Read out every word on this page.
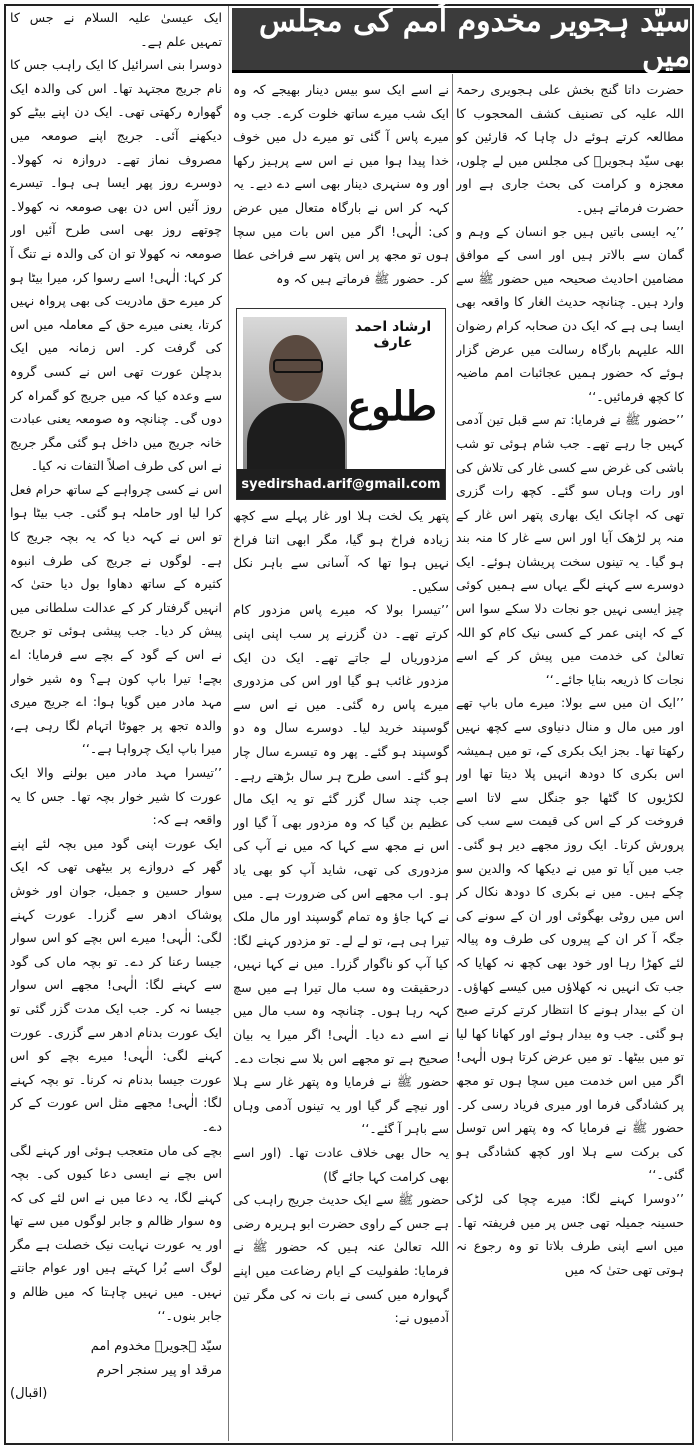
سیّد ہجویر مخدوم اُمم کی مجلس میں
ارشاد احمد عارف
طلوع
syedirshad.arif@gmail.com

حضرت داتا گنج بخش علی ہجویری رحمۃ اللہ علیہ کی تصنیف کشف المحجوب کا مطالعہ کرتے ہوئے دل چاہا کہ قارئین کو بھی سیّد ہجویرؒ کی مجلس میں لے چلوں، معجزہ و کرامت کی بحث جاری ہے اور حضرت فرماتے ہیں۔

’’یہ ایسی باتیں ہیں جو انسان کے وہم و گمان سے بالاتر ہیں اور اسی کے موافق مضامین احادیث صحیحہ میں حضور ﷺ سے وارد ہیں۔ چنانچہ حدیث الغار کا واقعہ بھی ایسا ہی ہے کہ ایک دن صحابہ کرام رضوان اللہ علیہم بارگاہ رسالت میں عرض گزار ہوئے کہ حضور ہمیں عجائبات امم ماضیہ کا کچھ فرمائیں۔‘‘

’’حضور ﷺ نے فرمایا: تم سے قبل تین آدمی کہیں جا رہے تھے۔ جب شام ہوئی تو شب باشی کی غرض سے کسی غار کی تلاش کی اور رات وہاں سو گئے۔ کچھ رات گزری تھی کہ اچانک ایک بھاری پتھر اس غار کے منہ پر لڑھک آیا اور اس سے غار کا منہ بند ہو گیا۔ یہ تینوں سخت پریشان ہوئے۔ ایک دوسرے سے کہنے لگے یہاں سے ہمیں کوئی چیز ایسی نہیں جو نجات دلا سکے سوا اس کے کہ اپنی عمر کے کسی نیک کام کو اللہ تعالیٰ کی خدمت میں پیش کر کے اسے نجات کا ذریعہ بنایا جائے۔‘‘

’’ایک ان میں سے بولا: میرے ماں باپ تھے اور میں مال و منال دنیاوی سے کچھ نہیں رکھتا تھا۔ بجز ایک بکری کے، تو میں ہمیشہ اس بکری کا دودھ انہیں پلا دیتا تھا اور لکڑیوں کا گٹھا جو جنگل سے لاتا اسے فروخت کر کے اس کی قیمت سے سب کی پرورش کرتا۔ ایک روز مجھے دیر ہو گئی۔ جب میں آیا تو میں نے دیکھا کہ والدین سو چکے ہیں۔ میں نے بکری کا دودھ نکال کر اس میں روٹی بھگوئی اور ان کے سونے کی جگہ آ کر ان کے پیروں کی طرف وہ پیالہ لئے کھڑا رہا اور خود بھی کچھ نہ کھایا کہ جب تک انہیں نہ کھلاؤں میں کیسے کھاؤں۔ ان کے بیدار ہونے کا انتظار کرتے کرتے صبح ہو گئی۔ جب وہ بیدار ہوئے اور کھانا کھا لیا تو میں بیٹھا۔ تو میں عرض کرتا ہوں الٰہی! اگر میں اس خدمت میں سچا ہوں تو مجھ پر کشادگی فرما اور میری فریاد رسی کر۔ حضور ﷺ نے فرمایا کہ وہ پتھر اس توسل کی برکت سے ہلا اور کچھ کشادگی ہو گئی۔‘‘

’’دوسرا کہنے لگا: میرے چچا کی لڑکی حسینہ جمیلہ تھی جس پر میں فریفتہ تھا۔ میں اسے اپنی طرف بلاتا تو وہ رجوع نہ ہوتی تھی حتیٰ کہ میں

نے اسے ایک سو بیس دینار بھیجے کہ وہ ایک شب میرے ساتھ خلوت کرے۔ جب وہ میرے پاس آ گئی تو میرے دل میں خوف خدا پیدا ہوا میں نے اس سے پرہیز رکھا اور وہ سنہری دینار بھی اسے دے دیے۔ یہ کہہ کر اس نے بارگاہ متعال میں عرض کی: الٰہی! اگر میں اس بات میں سچا ہوں تو مجھ پر اس پتھر سے فراخی عطا کر۔ حضور ﷺ فرماتے ہیں کہ وہ

پتھر یک لخت ہلا اور غار پہلے سے کچھ زیادہ فراخ ہو گیا، مگر ابھی اتنا فراخ نہیں ہوا تھا کہ آسانی سے باہر نکل سکیں۔

’’تیسرا بولا کہ میرے پاس مزدور کام کرتے تھے۔ دن گزرنے پر سب اپنی اپنی مزدوریاں لے جاتے تھے۔ ایک دن ایک مزدور غائب ہو گیا اور اس کی مزدوری میرے پاس رہ گئی۔ میں نے اس سے گوسپند خرید لیا۔ دوسرے سال وہ دو گوسپند ہو گئے۔ پھر وہ تیسرے سال چار ہو گئے۔ اسی طرح ہر سال بڑھتے رہے۔ جب چند سال گزر گئے تو یہ ایک مال عظیم بن گیا کہ وہ مزدور بھی آ گیا اور اس نے مجھ سے کہا کہ میں نے آپ کی مزدوری کی تھی، شاید آپ کو بھی یاد ہو۔ اب مجھے اس کی ضرورت ہے۔ میں نے کہا جاؤ وہ تمام گوسپند اور مال ملک تیرا ہی ہے، تو لے لے۔ تو مزدور کہنے لگا: کیا آپ کو ناگوار گزرا۔ میں نے کہا نہیں، درحقیقت وہ سب مال تیرا ہے میں سچ کہہ رہا ہوں۔ چنانچہ وہ سب مال میں نے اسے دے دیا۔ الٰہی! اگر میرا یہ بیان صحیح ہے تو مجھے اس بلا سے نجات دے۔ حضور ﷺ نے فرمایا وہ پتھر غار سے ہلا اور نیچے گر گیا اور یہ تینوں آدمی وہاں سے باہر آ گئے۔‘‘

یہ حال بھی خلاف عادت تھا۔ (اور اسے بھی کرامت کہا جائے گا)

حضور ﷺ سے ایک حدیث جریج راہب کی ہے جس کے راوی حضرت ابو ہریرہ رضی اللہ تعالیٰ عنہ ہیں کہ حضور ﷺ نے فرمایا: طفولیت کے ایام رضاعت میں اپنے گہوارہ میں کسی نے بات نہ کی مگر تین آدمیوں نے:

ایک عیسیٰ علیہ السلام نے جس کا تمہیں علم ہے۔

دوسرا بنی اسرائیل کا ایک راہب جس کا نام جریج مجتہد تھا۔ اس کی والدہ ایک گھوارہ رکھتی تھی۔ ایک دن اپنے بیٹے کو دیکھنے آئی۔ جریج اپنے صومعہ میں مصروف نماز تھے۔ دروازہ نہ کھولا۔ دوسرے روز پھر ایسا ہی ہوا۔ تیسرے روز آئیں اس دن بھی صومعہ نہ کھولا۔ چوتھے روز بھی اسی طرح آئیں اور صومعہ نہ کھولا تو ان کی والدہ نے تنگ آ کر کہا: الٰہی! اسے رسوا کر، میرا بیٹا ہو کر میرے حق مادریت کی بھی پرواہ نہیں کرتا، یعنی میرے حق کے معاملہ میں اس کی گرفت کر۔ اس زمانہ میں ایک بدچلن عورت تھی اس نے کسی گروہ سے وعدہ کیا کہ میں جریج کو گمراہ کر دوں گی۔ چنانچہ وہ صومعہ یعنی عبادت خانہ جریج میں داخل ہو گئی مگر جریج نے اس کی طرف اصلاً التفات نہ کیا۔

اس نے کسی چرواہے کے ساتھ حرام فعل کرا لیا اور حاملہ ہو گئی۔ جب بیٹا ہوا تو اس نے کہہ دیا کہ یہ بچہ جریج کا ہے۔ لوگوں نے جریج کی طرف انبوہ کثیرہ کے ساتھ دھاوا بول دیا حتیٰ کہ انہیں گرفتار کر کے عدالت سلطانی میں پیش کر دیا۔ جب پیشی ہوئی تو جریج نے اس کے گود کے بچے سے فرمایا: اے بچے! تیرا باپ کون ہے؟ وہ شیر خوار مہد مادر میں گویا ہوا: اے جریج میری والدہ تجھ پر جھوٹا اتہام لگا رہی ہے، میرا باپ ایک چرواہا ہے۔‘‘

’’تیسرا مہد مادر میں بولنے والا ایک عورت کا شیر خوار بچہ تھا۔ جس کا یہ واقعہ ہے کہ:

ایک عورت اپنی گود میں بچہ لئے اپنے گھر کے دروازے پر بیٹھی تھی کہ ایک سوار حسین و جمیل، جوان اور خوش پوشاک ادھر سے گزرا۔ عورت کہنے لگی: الٰہی! میرے اس بچے کو اس سوار جیسا رعنا کر دے۔ تو بچہ ماں کی گود سے کہنے لگا: الٰہی! مجھے اس سوار جیسا نہ کر۔ جب ایک مدت گزر گئی تو ایک عورت بدنام ادھر سے گزری۔ عورت کہنے لگی: الٰہی! میرے بچے کو اس عورت جیسا بدنام نہ کرنا۔ تو بچہ کہنے لگا: الٰہی! مجھے مثل اس عورت کے کر دے۔

بچے کی ماں متعجب ہوئی اور کہنے لگی اس بچے نے ایسی دعا کیوں کی۔ بچہ کہنے لگا، یہ دعا میں نے اس لئے کی کہ وہ سوار ظالم و جابر لوگوں میں سے تھا اور یہ عورت نہایت نیک خصلت ہے مگر لوگ اسے بُرا کہتے ہیں اور عوام جانتے نہیں۔ میں نہیں چاہتا کہ میں ظالم و جابر بنوں۔‘‘

سیّد ہجویرؒ مخدوم امم
مرقد او پیر سنجر احرم
(اقبال)
